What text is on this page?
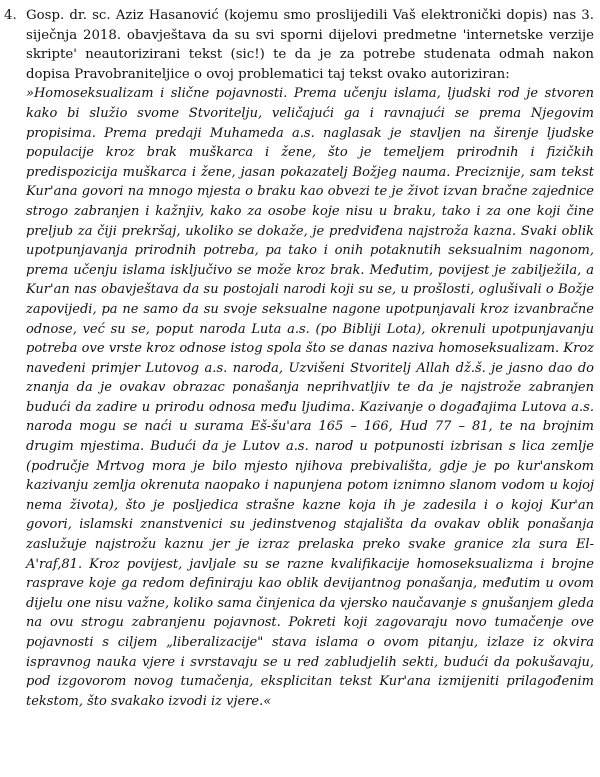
4. Gosp. dr. sc. Aziz Hasanović (kojemu smo proslijedili Vaš elektronički dopis) nas 3. siječnja 2018. obavještava da su svi sporni dijelovi predmetne 'internetske verzije skripte' neautorizirani tekst (sic!) te da je za potrebe studenata odmah nakon dopisa Pravobraniteljice o ovoj problematici taj tekst ovako autoriziran:

»Homoseksualizam i slične pojavnosti. Prema učenju islama, ljudski rod je stvoren kako bi služio svome Stvoritelju, veličajući ga i ravnajući se prema Njegovim propisima. Prema predaji Muhameda a.s. naglasak je stavljen na širenje ljudske populacije kroz brak muškarca i žene, što je temeljem prirodnih i fizičkih predispozicija muškarca i žene, jasan pokazatelj Božjeg nauma. Preciznije, sam tekst Kur'ana govori na mnogo mjesta o braku kao obvezi te je život izvan bračne zajednice strogo zabranjen i kažnjiv, kako za osobe koje nisu u braku, tako i za one koji čine preljub za čiji prekršaj, ukoliko se dokaže, je predviđena najstroža kazna. Svaki oblik upotpunjavanja prirodnih potreba, pa tako i onih potaknutih seksualnim nagonom, prema učenju islama isključivo se može kroz brak. Međutim, povijest je zabilježila, a Kur'an nas obavještava da su postojali narodi koji su se, u prošlosti, oglušivali o Božje zapovijedi, pa ne samo da su svoje seksualne nagone upotpunjavali kroz izvanbračne odnose, već su se, poput naroda Luta a.s. (po Bibliji Lota), okrenuli upotpunjavanju potreba ove vrste kroz odnose istog spola što se danas naziva homoseksualizam. Kroz navedeni primjer Lutovog a.s. naroda, Uzvišeni Stvoritelj Allah dž.š. je jasno dao do znanja da je ovakav obrazac ponašanja neprihvatljiv te da je najstrože zabranjen budući da zadire u prirodu odnosa među ljudima. Kazivanje o događajima Lutova a.s. naroda mogu se naći u surama Eš-šu'ara 165 – 166, Hud 77 – 81, te na brojnim drugim mjestima. Budući da je Lutov a.s. narod u potpunosti izbrisan s lica zemlje (područje Mrtvog mora je bilo mjesto njihova prebivališta, gdje je po kur'anskom kazivanju zemlja okrenuta naopako i napunjena potom iznimno slanom vodom u kojoj nema života), što je posljedica strašne kazne koja ih je zadesila i o kojoj Kur'an govori, islamski znanstvenici su jedinstvenog stajališta da ovakav oblik ponašanja zaslužuje najstrožu kaznu jer je izraz prelaska preko svake granice zla sura El-A'raf,81. Kroz povijest, javljale su se razne kvalifikacije homoseksualizma i brojne rasprave koje ga redom definiraju kao oblik devijantnog ponašanja, međutim u ovom dijelu one nisu važne, koliko sama činjenica da vjersko naučavanje s gnušanjem gleda na ovu strogu zabranjenu pojavnost. Pokreti koji zagovaraju novo tumačenje ove pojavnosti s ciljem „liberalizacije" stava islama o ovom pitanju, izlaze iz okvira ispravnog nauka vjere i svrstavaju se u red zabludjelih sekti, budući da pokušavaju, pod izgovorom novog tumačenja, eksplicitan tekst Kur'ana izmijeniti prilagođenim tekstom, što svakako izvodi iz vjere.«
